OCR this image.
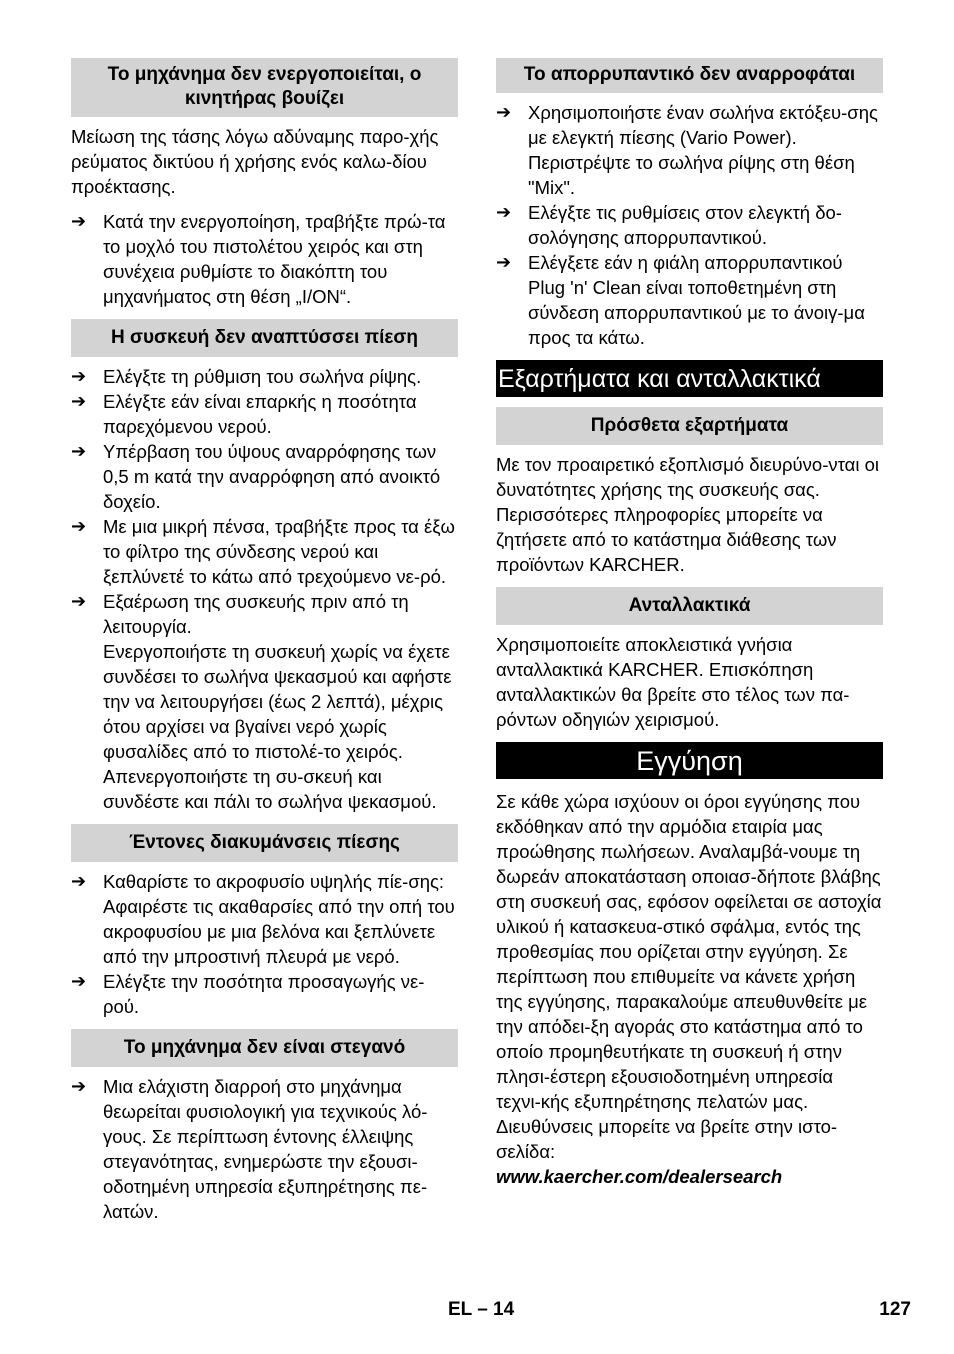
Το μηχάνημα δεν ενεργοποιείται, ο κινητήρας βουίζει

Μείωση της τάσης λόγω αδύναμης παρο-χής ρεύματος δικτύου ή χρήσης ενός καλω-δίου προέκτασης.

➔ Κατά την ενεργοποίηση, τραβήξτε πρώ-τα το μοχλό του πιστολέτου χειρός και στη συνέχεια ρυθμίστε το διακόπτη του μηχανήματος στη θέση „I/ON“.
Η συσκευή δεν αναπτύσσει πίεση
➔ Ελέγξτε τη ρύθμιση του σωλήνα ρίψης.
➔ Ελέγξτε εάν είναι επαρκής η ποσότητα παρεχόμενου νερού.
➔ Υπέρβαση του ύψους αναρρόφησης των 0,5 m κατά την αναρρόφηση από ανοικτό δοχείο.
➔ Με μια μικρή πένσα, τραβήξτε προς τα έξω το φίλτρο της σύνδεσης νερού και ξεπλύνετέ το κάτω από τρεχούμενο νε-ρό.
➔ Εξαέρωση της συσκευής πριν από τη λειτουργία.
Ενεργοποιήστε τη συσκευή χωρίς να έχετε συνδέσει το σωλήνα ψεκασμού και αφήστε την να λειτουργήσει (έως 2 λεπτά), μέχρις ότου αρχίσει να βγαίνει νερό χωρίς φυσαλίδες από το πιστολέ-το χειρός. Απενεργοποιήστε τη συ-σκευή και συνδέστε και πάλι το σωλήνα ψεκασμού.
Έντονες διακυμάνσεις πίεσης
➔ Καθαρίστε το ακροφυσίο υψηλής πίε-σης: Αφαιρέστε τις ακαθαρσίες από την οπή του ακροφυσίου με μια βελόνα και ξεπλύνετε από την μπροστινή πλευρά με νερό.
➔ Ελέγξτε την ποσότητα προσαγωγής νε-ρού.
Το μηχάνημα δεν είναι στεγανό
➔ Μια ελάχιστη διαρροή στο μηχάνημα θεωρείται φυσιολογική για τεχνικούς λό-γους. Σε περίπτωση έντονης έλλειψης στεγανότητας, ενημερώστε την εξουσι-οδοτημένη υπηρεσία εξυπηρέτησης πε-λατών.
Το απορρυπαντικό δεν αναρροφάται
➔ Χρησιμοποιήστε έναν σωλήνα εκτόξευ-σης με ελεγκτή πίεσης (Vario Power). Περιστρέψτε το σωλήνα ρίψης στη θέση "Mix".
➔ Ελέγξτε τις ρυθμίσεις στον ελεγκτή δο-σολόγησης απορρυπαντικού.
➔ Ελέγξετε εάν η φιάλη απορρυπαντικού Plug 'n' Clean είναι τοποθετημένη στη σύνδεση απορρυπαντικού με το άνοιγ-μα προς τα κάτω.
Εξαρτήματα και ανταλλακτικά
Πρόσθετα εξαρτήματα

Με τον προαιρετικό εξοπλισμό διευρύνο-νται οι δυνατότητες χρήσης της συσκευής σας. Περισσότερες πληροφορίες μπορείτε να ζητήσετε από το κατάστημα διάθεσης των προϊόντων KARCHER.

Ανταλλακτικά

Χρησιμοποιείτε αποκλειστικά γνήσια ανταλλακτικά KARCHER. Επισκόπηση ανταλλακτικών θα βρείτε στο τέλος των πα-ρόντων οδηγιών χειρισμού.

Εγγύηση

Σε κάθε χώρα ισχύουν οι όροι εγγύησης που εκδόθηκαν από την αρμόδια εταιρία μας προώθησης πωλήσεων. Αναλαμβά-νουμε τη δωρεάν αποκατάσταση οποιασ-δήποτε βλάβης στη συσκευή σας, εφόσον οφείλεται σε αστοχία υλικού ή κατασκευα-στικό σφάλμα, εντός της προθεσμίας που ορίζεται στην εγγύηση. Σε περίπτωση που επιθυμείτε να κάνετε χρήση της εγγύησης, παρακαλούμε απευθυνθείτε με την απόδει-ξη αγοράς στο κατάστημα από το οποίο προμηθευτήκατε τη συσκευή ή στην πλησι-έστερη εξουσιοδοτημένη υπηρεσία τεχνι-κής εξυπηρέτησης πελατών μας.

Διευθύνσεις μπορείτε να βρείτε στην ιστο-σελίδα:

www.kaercher.com/dealersearch
EL – 14	127
